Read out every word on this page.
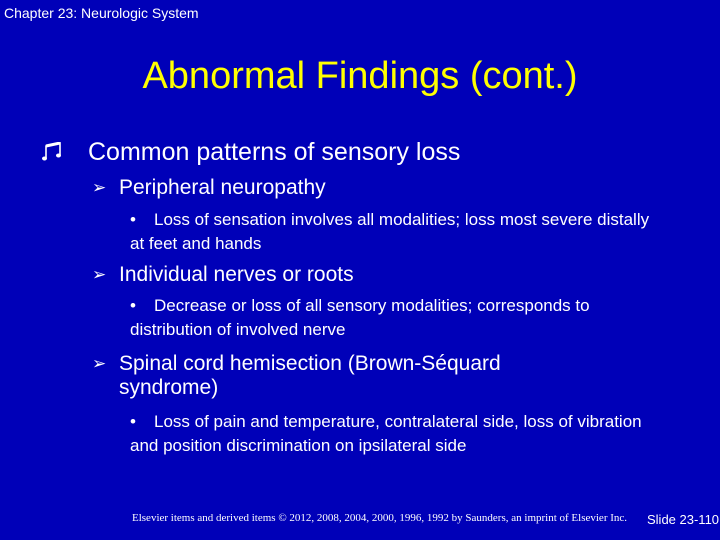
Chapter 23: Neurologic System
Abnormal Findings (cont.)
Common patterns of sensory loss
➢ Peripheral neuropathy
•	Loss of sensation involves all modalities; loss most severe distally at feet and hands
➢ Individual nerves or roots
•	Decrease or loss of all sensory modalities; corresponds to distribution of involved nerve
➢ Spinal cord hemisection (Brown-Séquard syndrome)
•	Loss of pain and temperature, contralateral side, loss of vibration and position discrimination on ipsilateral side
Elsevier items and derived items © 2012, 2008, 2004, 2000, 1996, 1992 by Saunders, an imprint of Elsevier Inc. Slide 23-110
